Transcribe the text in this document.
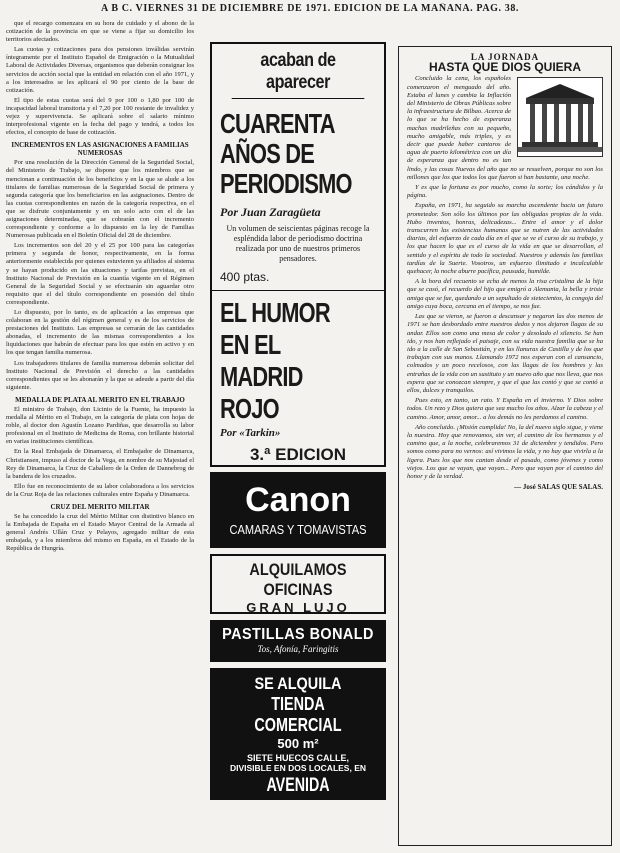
A B C. VIERNES 31 DE DICIEMBRE DE 1971. EDICION DE LA MAÑANA. PAG. 38.

que el recargo comenzara en su hora de cuidado y el abono de la cotización de la provincia en que se viene a fijar su domicilio los territorios afectados.

Las cuotas y cotizaciones para dos pensiones inválidas servirán íntegramente por el Instituto Español de Emigración o la Mutualidad Laboral de Actividades Diversas, organismos que deberán consignar los servicios de acción social que la entidad en relación con el año 1971, y a los interesados se les aplicará el 90 por ciento de la base de cotización.

El tipo de estas cuotas será del 9 por 100 o 1,80 por 100 de incapacidad laboral transitoria y el 7,20 por 100 restante de invalidez y vejez y supervivencia. Se aplicará sobre el salario mínimo interprofesional vigente en la fecha del pago y tendrá, a todos los efectos, el concepto de base de cotización.

INCREMENTOS EN LAS ASIGNACIONES A FAMILIAS NUMEROSAS

Por una resolución de la Dirección General de la Seguridad Social, del Ministerio de Trabajo, se dispone que los miembros que se mencionan a continuación de los beneficios y en la que se alude a los titulares de familias numerosas de la Seguridad Social de primera y segunda categoría que los beneficiarios en las asignaciones. Dentro de las cuotas correspondientes en razón de la categoría respectiva, en el que se disfrute conjuntamente y en un solo acto con el de las asignaciones determinadas, que se cobrarán con el incremento correspondiente y conforme a lo dispuesto en la ley de Familias Numerosas publicada en el Boletín Oficial del 28 de diciembre.

Los incrementos son del 20 y el 25 por 100 para las categorías primera y segunda de honor, respectivamente, en la forma anteriormente establecida por quienes estuvieren ya afiliados al sistema y se hayan producido en las situaciones y tarifas previstas, en el Instituto Nacional de Previsión en la cuantía vigente en el Régimen General de la Seguridad Social y se efectuarán sin aguardar otro requisito que el del título correspondiente en posesión del título correspondiente.

Lo dispuesto, por lo tanto, es de aplicación a las empresas que colaboran en la gestión del régimen general y es de los servicios de prestaciones del Instituto. Las empresas se cerrarán de las cantidades abonadas, el incremento de las mismas correspondientes a los liquidaciones que habrán de efectuar para los que estén en activo y en los que tengan familia numerosa.

Los trabajadores titulares de familia numerosa deberán solicitar del Instituto Nacional de Previsión el derecho a las cantidades correspondientes que se les abonarán y la que se adeude a partir del día siguiente.

MEDALLA DE PLATA AL MERITO EN EL TRABAJO

El ministro de Trabajo, don Licinio de la Fuente, ha impuesto la medalla al Mérito en el Trabajo, en la categoría de plata con hojas de roble, al doctor don Agustín Lozano Pardiñas, que desarrolla su labor profesional en el Instituto de Medicina de Roma, con brillante historial en varias instituciones científicas.

En la Real Embajada de Dinamarca, el Embajador de Dinamarca, Christiansen, impuso al doctor de la Vega, en nombre de su Majestad el Rey de Dinamarca, la Cruz de Caballero de la Orden de Dannebrog de la bandera de los cruzados.

Ello fue en reconocimiento de su labor colaboradora a los servicios de la Cruz Roja de las relaciones culturales entre España y Dinamarca.

CRUZ DEL MERITO MILITAR

Se ha concedido la cruz del Mérito Militar con distintivo blanco en la Embajada de España en el Estado Mayor Central de la Armada al general Andrés Ullán Cruz y Pelayos, agregado militar de esta embajada, y a los miembros del mismo en España, en el Estado de la República de Hungría.

acaban de aparecer
CUARENTA AÑOS DE PERIODISMO
Por Juan Zaragüeta
Un volumen de seiscientas páginas recoge la espléndida labor de periodismo doctrina realizada por uno de nuestros primeros pensadores.
400 ptas.
EL HUMOR EN EL MADRID ROJO
Por «Tarkin»
3.ª EDICION
Canon
CAMARAS Y TOMAVISTAS
ALQUILAMOS OFICINAS
GRAN LUJO
PASTILLAS BONALD
Tos, Afonía, Faringitis
SE ALQUILA
TIENDA COMERCIAL
500 m²
SIETE HUECOS CALLE,
DIVISIBLE EN DOS LOCALES, EN
AVENIDA
LA JORNADA
HASTA QUE DIOS QUIERA

Concluido la cena, los españoles comenzaron el menguado del año. Estaba el lunes y cambia la Inflación del Ministerio de Obras Públicas sobre la infraestructura de Bilbao. Acerca de lo que se ha hecho de esperanza machas madrileñas con su pequeño, mucho amigable, más triples, y es decir que puede haber cantaros de agua de puerto kilométrica con un día de esperanza que dentro no es tan lindo, y las cosas Nuevas del año que no se resuelven, porque no son los millones que los que todos los que fueron si han bastante, una noche.

Y es que la fortuna es por mucho, como la sorte; los cándidos y la página.

España, en 1971, ha seguido su marcha ascendente hacia un futuro prometedor. Son sólo los últimos por las obligadas propias de la vida. Hubo inventos, honras, delicadezas... Entre el amor y el dolor transcurren las existencias humanas que se nutren de las actividades diarias, del esfuerzo de cada día en el que se ve el curso de su trabajo, y los que hacen lo que es el curso de la vida en que se desarrollan, el sentido y el espíritu de todo la sociedad. Nuestros y además las familias tardías de la Suerte. Vosotros, un esfuerzo ilimitado e incalculable quehacer, la noche aburre pacífica, pausada, humilde.

A la hora del recuento se echa de menos la risa cristalina de la hija que se casó, el recuerdo del hijo que emigró a Alemania, la bella y triste amiga que se fue, quedando a un sepultado de sietecientos, la congoja del amigo cuya boca, cercana en el tiempo, se nos fue.

Las que se vieron, se fueron a descansar y negaron las dos menos de 1971 se han desbordado entre nuestros dedos y nos dejaron llagas de su andar. Ellos son como una mesa de color y desolado el silencio. Se han ido, y nos han reflejado el paisaje, con su vida nuestra familia que se ha ido a la calle de San Sebastián, y en las llanuras de Castilla y de los que trabajan con sus manos. Llamando 1972 nos esperan con el cansancio, colmados y un poco recelosos, con las llagas de los hombres y las entrañas de la vida con un sustituto y un nuevo año que nos lleva, que nos espera que se conozcan siempre, y que el que las contó y que se contó a ellos, dulces y tranquilos.

Pues esto, en tanto, un rato. Y España en el invierno. Y Dios sobre todos. Un rezo y Dios quiera que sea mucho los años. Alzar la cabeza y el camino. Amor, amor, amor... a los demás no les perdamos el camino.

Año concluido. ¡Misión cumplida! No, la del nuevo siglo sigue, y viene la nuestra. Hoy que renovamos, sin ver, el camino de los hermanos y el camino que, a la noche, celebraremos 31 de diciembre y tendidos. Pero somos como para no vernos: así vivimos la vida, y no hay que vivirla a la ligera. Pues los que nos cantan desde el pasado, como jóvenes y como viejos. Los que se vayan, que vayan... Pero que vayan por el camino del honor y de la verdad.

— José SALAS QUE SALAS.
